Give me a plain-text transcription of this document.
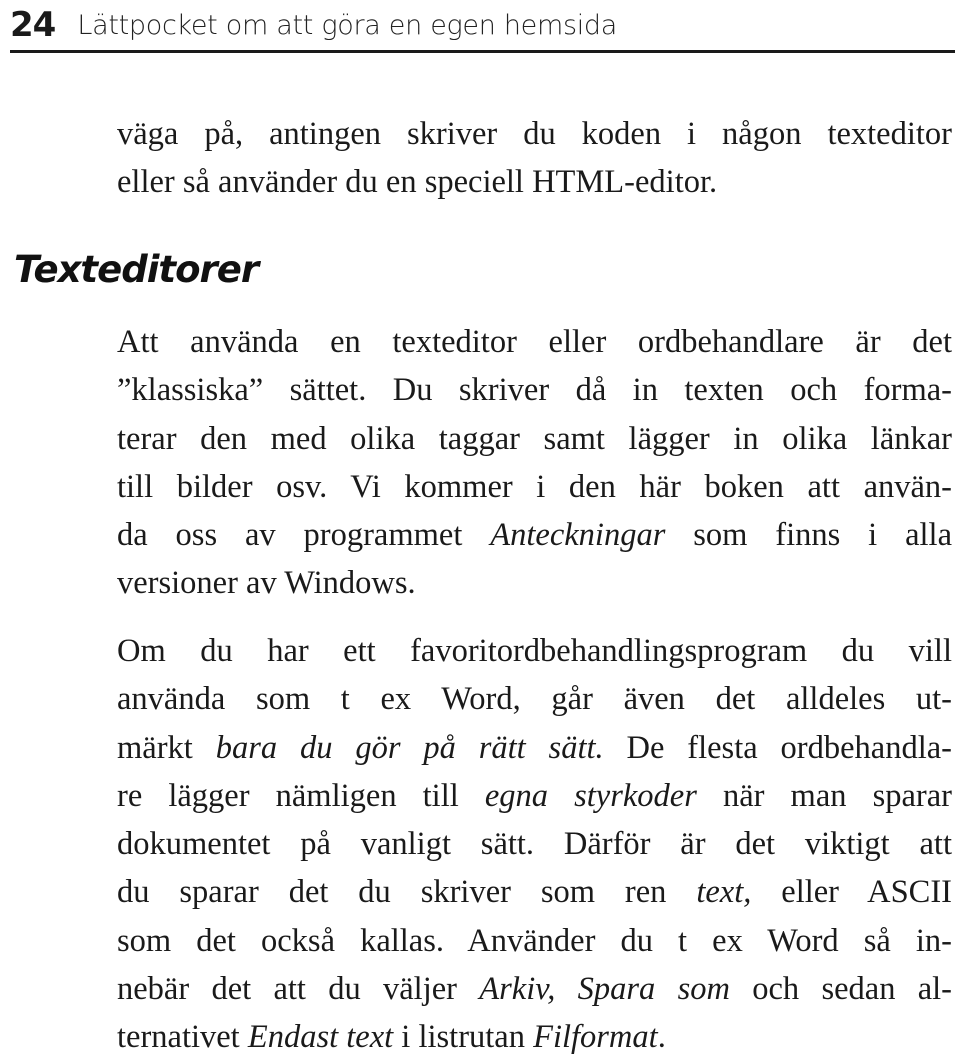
24 Lättpocket om att göra en egen hemsida

väga på, antingen skriver du koden i någon texteditor
eller så använder du en speciell HTML-editor.

Texteditorer

Att använda en texteditor eller ordbehandlare är det
”klassiska” sättet. Du skriver då in texten och forma-
terar den med olika taggar samt lägger in olika länkar
till bilder osv. Vi kommer i den här boken att använ-
da oss av programmet Anteckningar som finns i alla
versioner av Windows.

Om du har ett favoritordbehandlingsprogram du vill
använda som t ex Word, går även det alldeles ut-
märkt bara du gör på rätt sätt. De flesta ordbehandla-
re lägger nämligen till egna styrkoder när man sparar
dokumentet på vanligt sätt. Därför är det viktigt att
du sparar det du skriver som ren text, eller ASCII
som det också kallas. Använder du t ex Word så in-
nebär det att du väljer Arkiv, Spara som och sedan al-
ternativet Endast text i listrutan Filformat.
